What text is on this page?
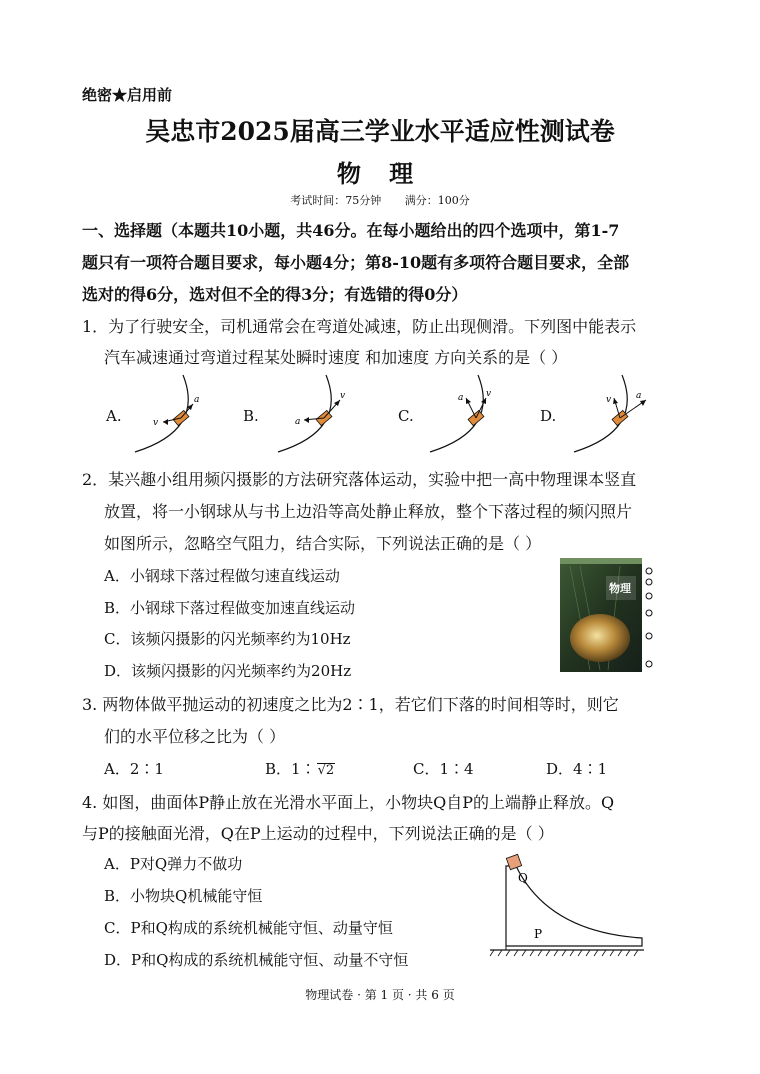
绝密★启用前
吴忠市2025届高三学业水平适应性测试卷
物 理
考试时间：75分钟 满分：100分
一、选择题（本题共10小题，共46分。在每小题给出的四个选项中，第1-7
题只有一项符合题目要求，每小题4分；第8-10题有多项符合题目要求，全部
选对的得6分，选对但不全的得3分；有选错的得0分）
1．为了行驶安全，司机通常会在弯道处减速，防止出现侧滑。下列图中能表示
汽车减速通过弯道过程某处瞬时速度 和加速度 方向关系的是（ ）
A.	B.	C.	D.
v
a
a
v	a	v
v	a
2．某兴趣小组用频闪摄影的方法研究落体运动，实验中把一高中物理课本竖直
放置，将一小钢球从与书上边沿等高处静止释放，整个下落过程的频闪照片
如图所示，忽略空气阻力，结合实际，下列说法正确的是（ ）
A．小钢球下落过程做匀速直线运动
B．小钢球下落过程做变加速直线运动
C．该频闪摄影的闪光频率约为10Hz
D．该频闪摄影的闪光频率约为20Hz
物理
3. 两物体做平抛运动的初速度之比为2∶1，若它们下落的时间相等时，则它
们的水平位移之比为（ ）
A．2∶1	B．1∶ √2	C．1∶4	D．4∶1
4. 如图，曲面体P静止放在光滑水平面上，小物块Q自P的上端静止释放。Q
与P的接触面光滑，Q在P上运动的过程中，下列说法正确的是（ ）
A．P对Q弹力不做功
B．小物块Q机械能守恒
C．P和Q构成的系统机械能守恒、动量守恒
D．P和Q构成的系统机械能守恒、动量不守恒
Q
P
物理试卷 · 第 1 页 · 共 6 页
